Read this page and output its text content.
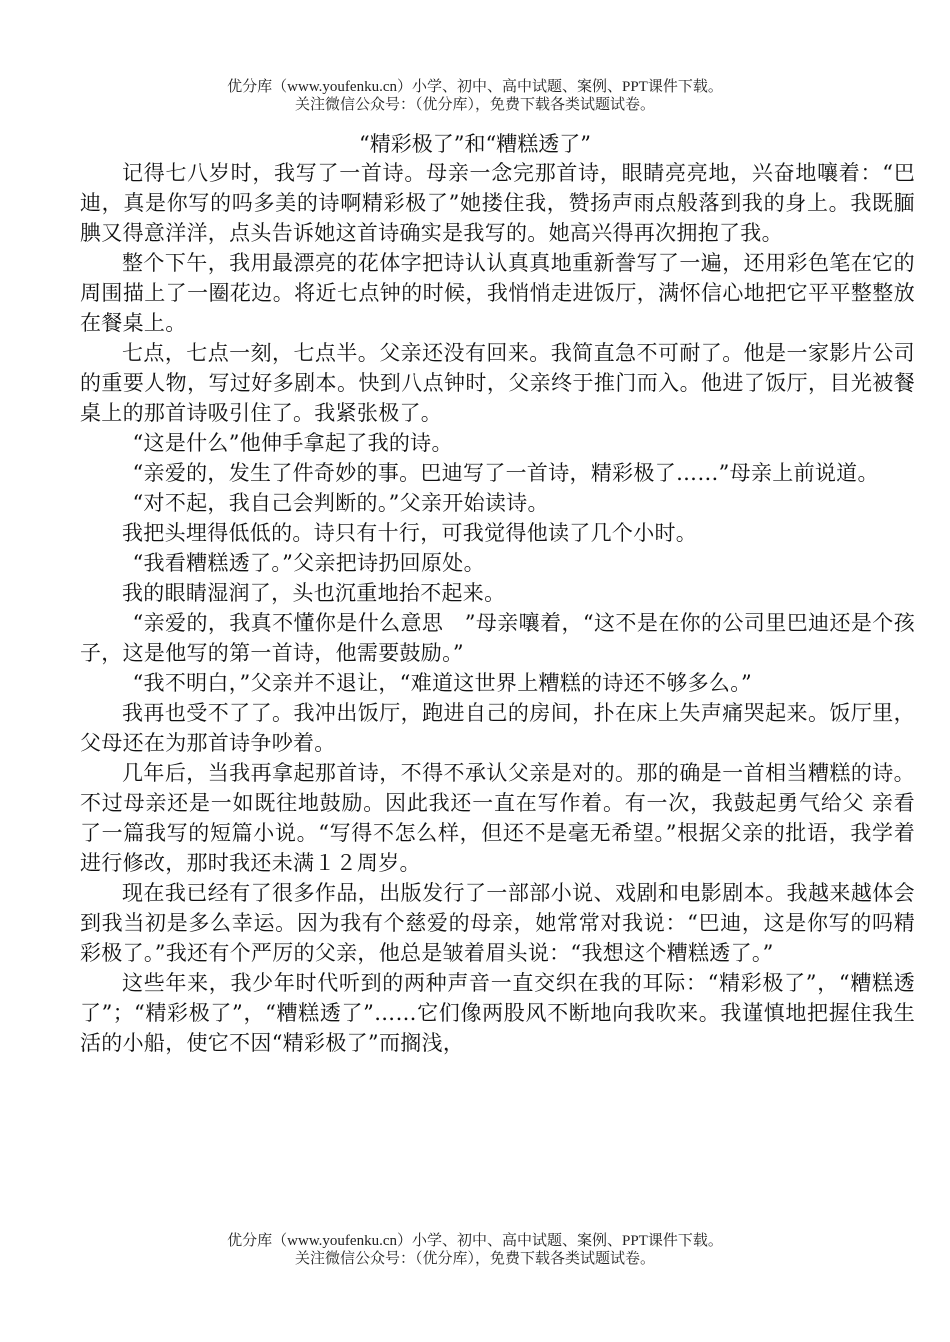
优分库（www.youfenku.cn）小学、初中、高中试题、案例、PPT课件下载。
关注微信公众号：（优分库），免费下载各类试题试卷。
“精彩极了”和“糟糕透了”

记得七八岁时，我写了一首诗。母亲一念完那首诗，眼睛亮亮地，兴奋地嚷着：“巴迪，真是你写的吗多美的诗啊精彩极了”她搂住我，赞扬声雨点般落到我的身上。我既腼腆又得意洋洋，点头告诉她这首诗确实是我写的。她高兴得再次拥抱了我。

整个下午，我用最漂亮的花体字把诗认认真真地重新誊写了一遍，还用彩色笔在它的周围描上了一圈花边。将近七点钟的时候，我悄悄走进饭厅，满怀信心地把它平平整整放在餐桌上。

七点，七点一刻，七点半。父亲还没有回来。我简直急不可耐了。他是一家影片公司的重要人物，写过好多剧本。快到八点钟时，父亲终于推门而入。他进了饭厅，目光被餐桌上的那首诗吸引住了。我紧张极了。

“这是什么”他伸手拿起了我的诗。

“亲爱的，发生了件奇妙的事。巴迪写了一首诗，精彩极了……”母亲上前说道。

“对不起，我自己会判断的。”父亲开始读诗。

我把头埋得低低的。诗只有十行，可我觉得他读了几个小时。

“我看糟糕透了。”父亲把诗扔回原处。

我的眼睛湿润了，头也沉重地抬不起来。

“亲爱的，我真不懂你是什么意思　”母亲嚷着，“这不是在你的公司里巴迪还是个孩子，这是他写的第一首诗，他需要鼓励。”

“我不明白，”父亲并不退让，“难道这世界上糟糕的诗还不够多么。”

我再也受不了了。我冲出饭厅，跑进自己的房间，扑在床上失声痛哭起来。饭厅里，父母还在为那首诗争吵着。

几年后，当我再拿起那首诗，不得不承认父亲是对的。那的确是一首相当糟糕的诗。不过母亲还是一如既往地鼓励。因此我还一直在写作着。有一次，我鼓起勇气给父 亲看了一篇我写的短篇小说。“写得不怎么样，但还不是毫无希望。”根据父亲的批语，我学着进行修改，那时我还未满１２周岁。

现在我已经有了很多作品，出版发行了一部部小说、戏剧和电影剧本。我越来越体会到我当初是多么幸运。因为我有个慈爱的母亲，她常常对我说：“巴迪，这是你写的吗精彩极了。”我还有个严厉的父亲，他总是皱着眉头说：“我想这个糟糕透了。”

这些年来，我少年时代听到的两种声音一直交织在我的耳际：“精彩极了”，“糟糕透了”；“精彩极了”，“糟糕透了”……它们像两股风不断地向我吹来。我谨慎地把握住我生活的小船，使它不因“精彩极了”而搁浅，

优分库（www.youfenku.cn）小学、初中、高中试题、案例、PPT课件下载。
关注微信公众号：（优分库），免费下载各类试题试卷。
